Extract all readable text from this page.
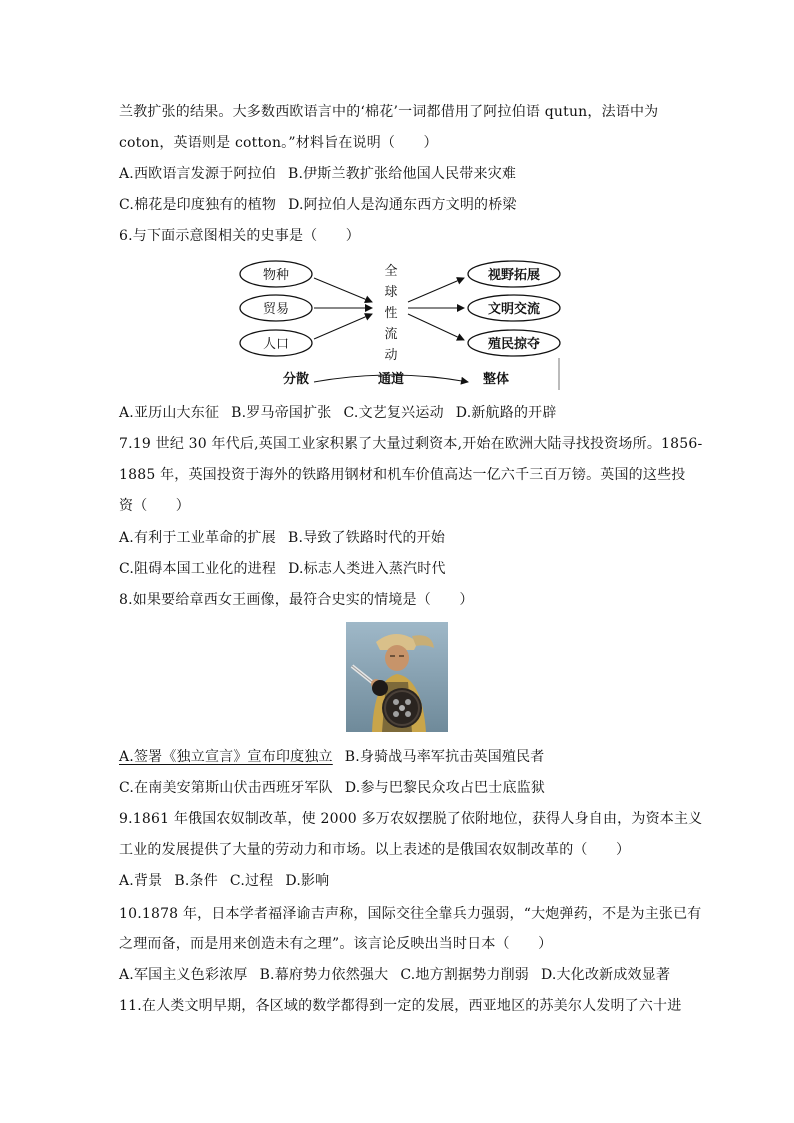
兰教扩张的结果。大多数西欧语言中的‘棉花’一词都借用了阿拉伯语 qutun，法语中为
coton，英语则是 cotton。”材料旨在说明（　　）
A.西欧语言发源于阿拉伯 B.伊斯兰教扩张给他国人民带来灾难
C.棉花是印度独有的植物 D.阿拉伯人是沟通东西方文明的桥梁
6.与下面示意图相关的史事是（　　）
物种
贸易
人口
全
球
性
流
动
视野拓展
文明交流
殖民掠夺
分散	通道	整体
A.亚历山大东征 B.罗马帝国扩张 C.文艺复兴运动 D.新航路的开辟
7.19 世纪 30 年代后,英国工业家积累了大量过剩资本,开始在欧洲大陆寻找投资场所。1856-
1885 年，英国投资于海外的铁路用钢材和机车价值高达一亿六千三百万镑。英国的这些投
资（　　）
A.有利于工业革命的扩展 B.导致了铁路时代的开始
C.阻碍本国工业化的进程 D.标志人类进入蒸汽时代
8.如果要给章西女王画像，最符合史实的情境是（　　）
A.签署《独立宣言》宣布印度独立 B.身骑战马率军抗击英国殖民者
C.在南美安第斯山伏击西班牙军队 D.参与巴黎民众攻占巴士底监狱
9.1861 年俄国农奴制改革，使 2000 多万农奴摆脱了依附地位，获得人身自由，为资本主义
工业的发展提供了大量的劳动力和市场。以上表述的是俄国农奴制改革的（　　）
A.背景 B.条件 C.过程 D.影响
10.1878 年，日本学者福泽谕吉声称，国际交往全靠兵力强弱，“大炮弹药，不是为主张已有
之理而备，而是用来创造未有之理”。该言论反映出当时日本（　　）
A.军国主义色彩浓厚 B.幕府势力依然强大 C.地方割据势力削弱 D.大化改新成效显著
11.在人类文明早期，各区域的数学都得到一定的发展，西亚地区的苏美尔人发明了六十进
